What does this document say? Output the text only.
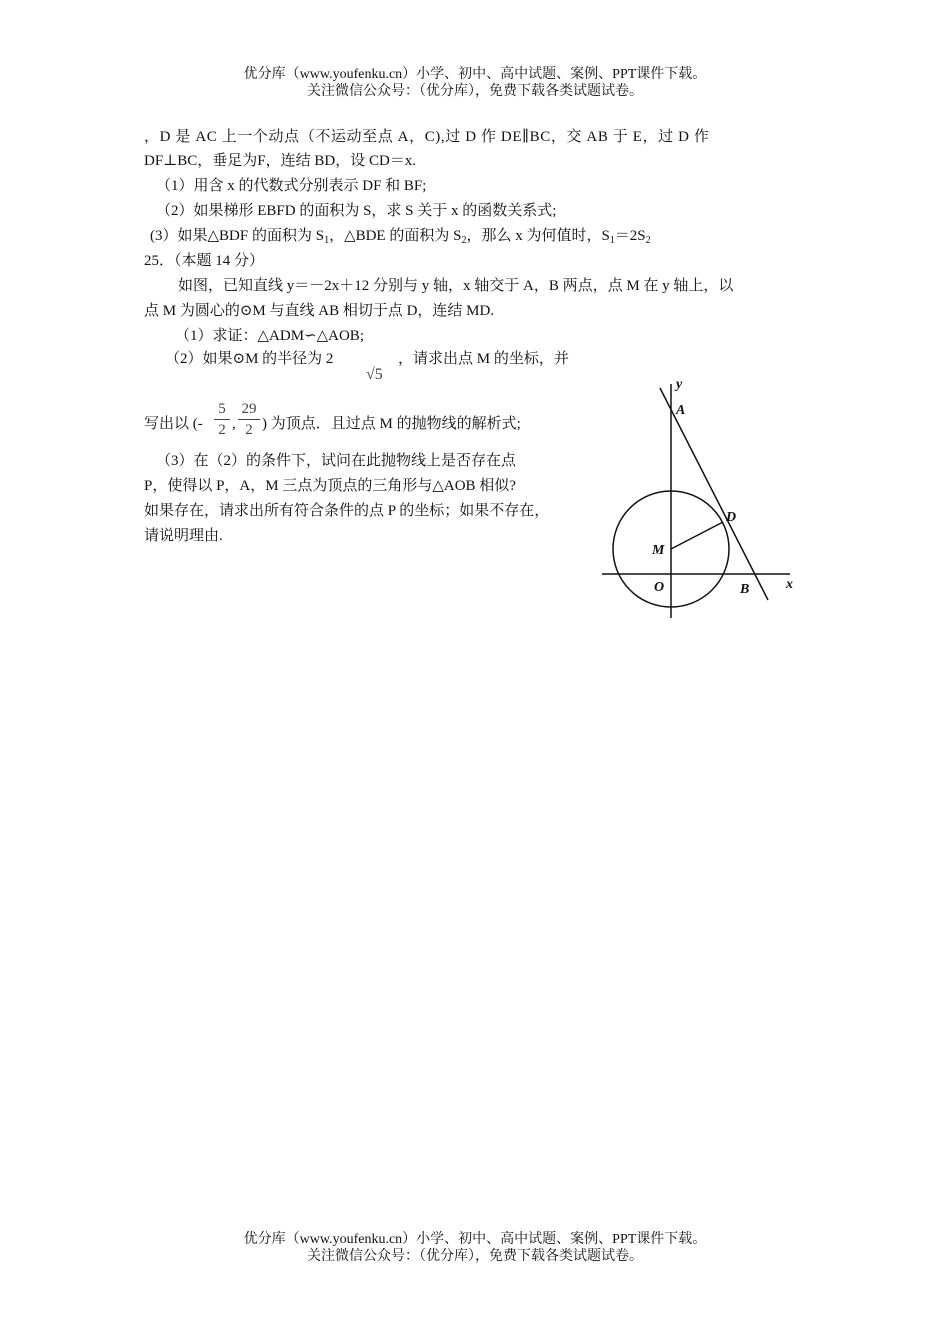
优分库（www.youfenku.cn）小学、初中、高中试题、案例、PPT课件下载。
关注微信公众号：（优分库），免费下载各类试题试卷。
，D 是 AC 上一个动点（不运动至点 A，C),过 D 作 DE∥BC，交 AB 于 E，过 D 作
DF⊥BC，垂足为F，连结 BD，设 CD＝x.
（1）用含 x 的代数式分别表示 DF 和 BF;
（2）如果梯形 EBFD 的面积为 S，求 S 关于 x 的函数关系式;
(3）如果△BDF 的面积为 $S_1$，△BDE 的面积为 $S_2$，那么 x 为何值时，$S_1=2S_2$
25．（本题 14 分）
如图，已知直线 y＝－2x＋12 分别与 y 轴，x 轴交于 A，B 两点，点 M 在 y 轴上，以
点 M 为圆心的⊙M 与直线 AB 相切于点 D，连结 MD.
（1）求证：△ADM∽△AOB;
（2）如果⊙M 的半径为 2
√5
，请求出点 M 的坐标，并
写出以 (-
5
2 ,
29
2 ) 为顶点．且过点 M 的抛物线的解析式;
（3）在（2）的条件下，试问在此抛物线上是否存在点
P，使得以 P，A，M 三点为顶点的三角形与△AOB 相似?
如果存在，请求出所有符合条件的点 P 的坐标；如果不存在，
请说明理由.
y
x
A
D
M
O	B
优分库（www.youfenku.cn）小学、初中、高中试题、案例、PPT课件下载。
关注微信公众号：（优分库），免费下载各类试题试卷。
